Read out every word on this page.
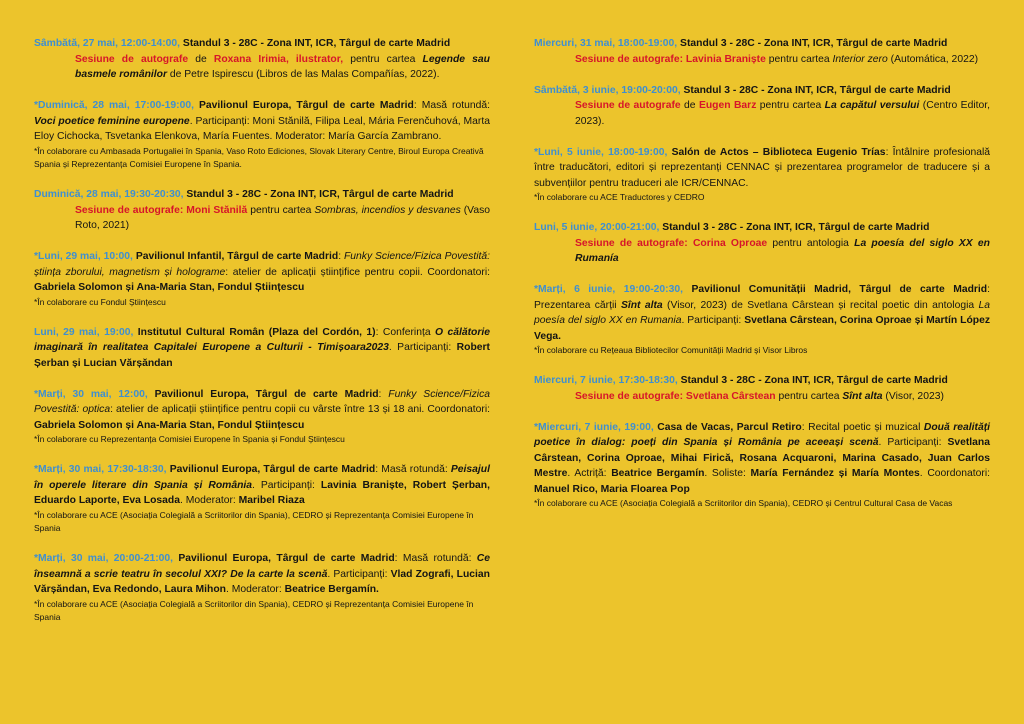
Sâmbătă, 27 mai, 12:00-14:00, Standul 3 - 28C - Zona INT, ICR, Târgul de carte Madrid

Sesiune de autografe de Roxana Irimia, ilustrator, pentru cartea Legende sau basmele românilor de Petre Ispirescu (Libros de las Malas Compañías, 2022).

*Duminică, 28 mai, 17:00-19:00, Pavilionul Europa, Târgul de carte Madrid: Masă rotundă: Voci poetice feminine europene. Participanți: Moni Stănilă, Filipa Leal, Mária Ferenčuhová, Marta Eloy Cichocka, Tsvetanka Elenkova, María Fuentes. Moderator: María García Zambrano.

*În colaborare cu Ambasada Portugaliei în Spania, Vaso Roto Ediciones, Slovak Literary Centre, Biroul Europa Creativă Spania și Reprezentanța Comisiei Europene în Spania.

Duminică, 28 mai, 19:30-20:30, Standul 3 - 28C - Zona INT, ICR, Târgul de carte Madrid

Sesiune de autografe: Moni Stănilă pentru cartea Sombras, incendios y desvanes (Vaso Roto, 2021)

*Luni, 29 mai, 10:00, Pavilionul Infantil, Târgul de carte Madrid: Funky Science/Fizica Povestită: știința zborului, magnetism și holograme: atelier de aplicații științifice pentru copii. Coordonatori: Gabriela Solomon și Ana-Maria Stan, Fondul Științescu

*În colaborare cu Fondul Științescu

Luni, 29 mai, 19:00, Institutul Cultural Român (Plaza del Cordón, 1): Conferința O călătorie imaginară în realitatea Capitalei Europene a Culturii - Timișoara2023. Participanți: Robert Șerban și Lucian Vărșăndan

*Marți, 30 mai, 12:00, Pavilionul Europa, Târgul de carte Madrid: Funky Science/Fizica Povestită: optica: atelier de aplicații științifice pentru copii cu vârste între 13 și 18 ani. Coordonatori: Gabriela Solomon și Ana-Maria Stan, Fondul Științescu

*În colaborare cu Reprezentanța Comisiei Europene în Spania și Fondul Științescu

*Marți, 30 mai, 17:30-18:30, Pavilionul Europa, Târgul de carte Madrid: Masă rotundă: Peisajul în operele literare din Spania și România. Participanți: Lavinia Braniște, Robert Șerban, Eduardo Laporte, Eva Losada. Moderator: Maribel Riaza

*În colaborare cu ACE (Asociația Colegială a Scriitorilor din Spania), CEDRO și Reprezentanța Comisiei Europene în Spania

*Marți, 30 mai, 20:00-21:00, Pavilionul Europa, Târgul de carte Madrid: Masă rotundă: Ce înseamnă a scrie teatru în secolul XXI? De la carte la scenă. Participanți: Vlad Zografi, Lucian Vărșăndan, Eva Redondo, Laura Mihon. Moderator: Beatrice Bergamín.

*În colaborare cu ACE (Asociația Colegială a Scriitorilor din Spania), CEDRO și Reprezentanța Comisiei Europene în Spania

Miercuri, 31 mai, 18:00-19:00, Standul 3 - 28C - Zona INT, ICR, Târgul de carte Madrid

Sesiune de autografe: Lavinia Braniște pentru cartea Interior zero (Automática, 2022)

Sâmbătă, 3 iunie, 19:00-20:00, Standul 3 - 28C - Zona INT, ICR, Târgul de carte Madrid

Sesiune de autografe de Eugen Barz pentru cartea La capătul versului (Centro Editor, 2023).

*Luni, 5 iunie, 18:00-19:00, Salón de Actos – Biblioteca Eugenio Trías: Întâlnire profesională între traducători, editori și reprezentanți CENNAC și prezentarea programelor de traducere și a subvențiilor pentru traduceri ale ICR/CENNAC.

*În colaborare cu ACE Traductores y CEDRO

Luni, 5 iunie, 20:00-21:00, Standul 3 - 28C - Zona INT, ICR, Târgul de carte Madrid

Sesiune de autografe: Corina Oproae pentru antologia La poesía del siglo XX en Rumanía

*Marți, 6 iunie, 19:00-20:30, Pavilionul Comunității Madrid, Târgul de carte Madrid: Prezentarea cărții Sînt alta (Visor, 2023) de Svetlana Cârstean și recital poetic din antologia La poesía del siglo XX en Rumania. Participanți: Svetlana Cârstean, Corina Oproae și Martín López Vega.

*În colaborare cu Rețeaua Bibliotecilor Comunității Madrid și Visor Libros

Miercuri, 7 iunie, 17:30-18:30, Standul 3 - 28C - Zona INT, ICR, Târgul de carte Madrid

Sesiune de autografe: Svetlana Cârstean pentru cartea Sînt alta (Visor, 2023)

*Miercuri, 7 iunie, 19:00, Casa de Vacas, Parcul Retiro: Recital poetic și muzical Două realități poetice în dialog: poeți din Spania și România pe aceeași scenă. Participanți: Svetlana Cârstean, Corina Oproae, Mihai Firică, Rosana Acquaroni, Marina Casado, Juan Carlos Mestre. Actriță: Beatrice Bergamín. Soliste: María Fernández și María Montes. Coordonatori: Manuel Rico, Maria Floarea Pop

*În colaborare cu ACE (Asociația Colegială a Scriitorilor din Spania), CEDRO și Centrul Cultural Casa de Vacas
